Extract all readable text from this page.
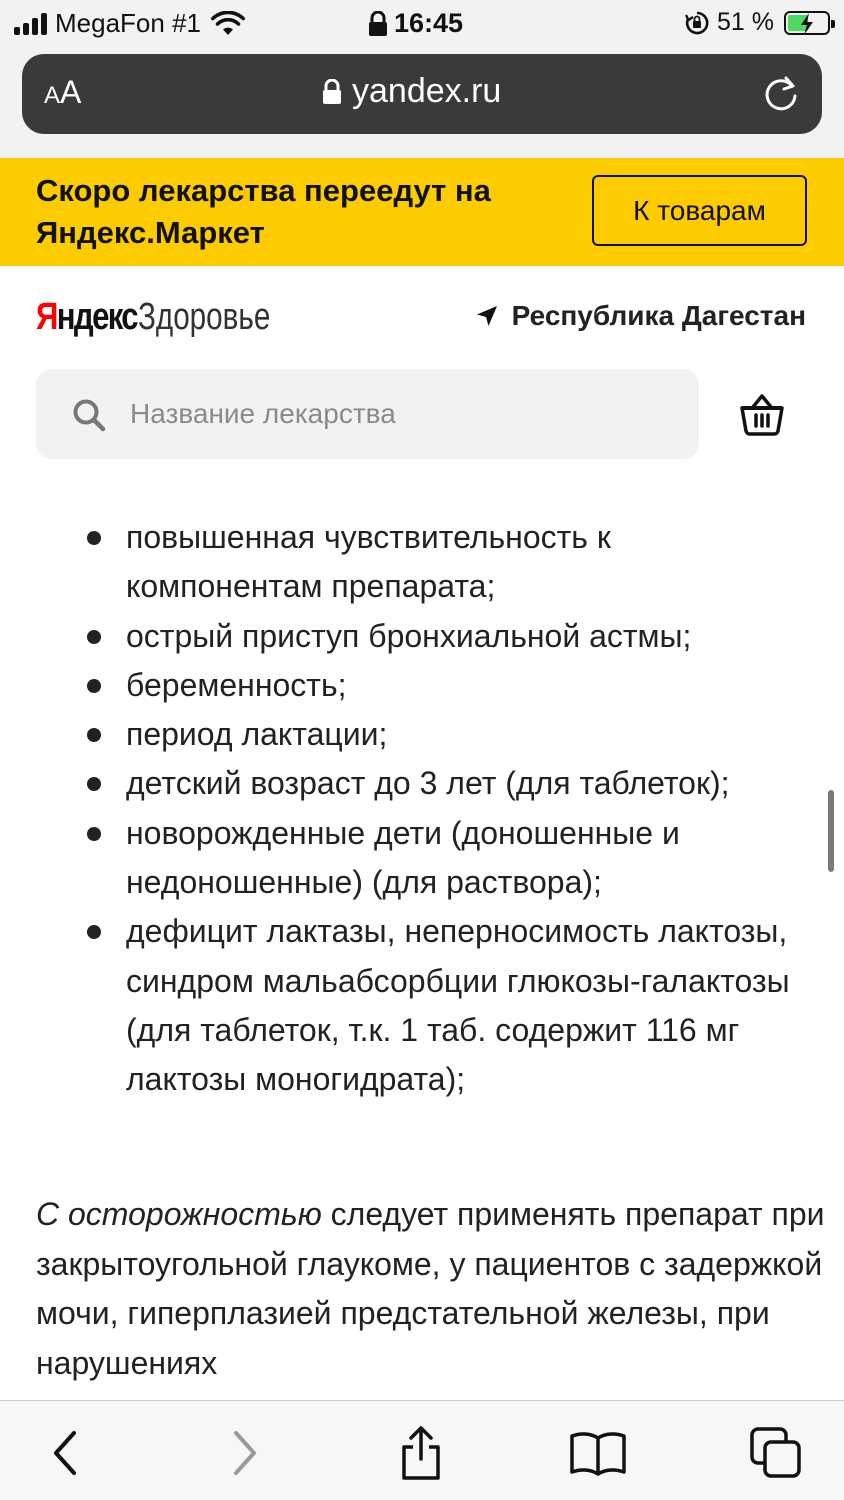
MegaFon #1	16:45	51 %
A A	yandex.ru
Скоро лекарства переедут на Яндекс.Маркет
К товарам
Яндекс Здоровье	Республика Дагестан
Название лекарства
повышенная чувствительность к компонентам препарата;
острый приступ бронхиальной астмы;
беременность;
период лактации;
детский возраст до 3 лет (для таблеток);
новорожденные дети (доношенные и недоношенные) (для раствора);
дефицит лактазы, неперносимость лактозы, синдром мальабсорбции глюкозы-галактозы (для таблеток, т.к. 1 таб. содержит 116 мг лактозы моногидрата);

С осторожностью следует применять препарат при закрытоугольной глаукоме, у пациентов с задержкой мочи, гиперплазией предстательной железы, при нарушениях
